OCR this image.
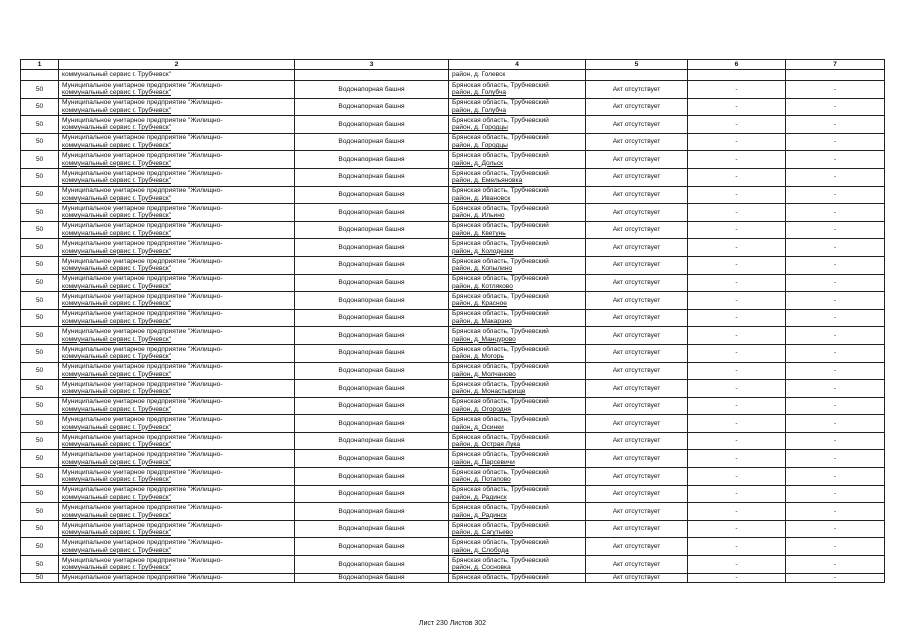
1	2	3	4	5	6	7
	коммунальный сервис г. Трубчевск"		район, д. Голевск			
50	Муниципальное унитарное предприятие "Жилищно-
коммунальный сервис г. Трубчевск"	Водонапорная башня	Брянская область, Трубчевский
район, д. Голубча	Акт отсутствует	-	-
50	Муниципальное унитарное предприятие "Жилищно-
коммунальный сервис г. Трубчевск"	Водонапорная башня	Брянская область, Трубчевский
район, д. Голубча	Акт отсутствует	-	-
50	Муниципальное унитарное предприятие "Жилищно-
коммунальный сервис г. Трубчевск"	Водонапорная башня	Брянская область, Трубчевский
район, д. Городцы	Акт отсутствует	-	-
50	Муниципальное унитарное предприятие "Жилищно-
коммунальный сервис г. Трубчевск"	Водонапорная башня	Брянская область, Трубчевский
район, д. Городцы	Акт отсутствует	-	-
50	Муниципальное унитарное предприятие "Жилищно-
коммунальный сервис г. Трубчевск"	Водонапорная башня	Брянская область, Трубчевский
район, д. Дольск	Акт отсутствует	-	-
50	Муниципальное унитарное предприятие "Жилищно-
коммунальный сервис г. Трубчевск"	Водонапорная башня	Брянская область, Трубчевский
район, д. Емельяновка	Акт отсутствует	-	-
50	Муниципальное унитарное предприятие "Жилищно-
коммунальный сервис г. Трубчевск"	Водонапорная башня	Брянская область, Трубчевский
район, д. Ивановск	Акт отсутствует	-	-
50	Муниципальное унитарное предприятие "Жилищно-
коммунальный сервис г. Трубчевск"	Водонапорная башня	Брянская область, Трубчевский
район, д. Ильино	Акт отсутствует	-	-
50	Муниципальное унитарное предприятие "Жилищно-
коммунальный сервис г. Трубчевск"	Водонапорная башня	Брянская область, Трубчевский
район, д. Кветунь	Акт отсутствует	-	-
50	Муниципальное унитарное предприятие "Жилищно-
коммунальный сервис г. Трубчевск"	Водонапорная башня	Брянская область, Трубчевский
район, д. Колодезки	Акт отсутствует	-	-
50	Муниципальное унитарное предприятие "Жилищно-
коммунальный сервис г. Трубчевск"	Водонапорная башня	Брянская область, Трубчевский
район, д. Копылино	Акт отсутствует	-	-
50	Муниципальное унитарное предприятие "Жилищно-
коммунальный сервис г. Трубчевск"	Водонапорная башня	Брянская область, Трубчевский
район, д. Котляково	Акт отсутствует	-	-
50	Муниципальное унитарное предприятие "Жилищно-
коммунальный сервис г. Трубчевск"	Водонапорная башня	Брянская область, Трубчевский
район, д. Красное	Акт отсутствует	-	-
50	Муниципальное унитарное предприятие "Жилищно-
коммунальный сервис г. Трубчевск"	Водонапорная башня	Брянская область, Трубчевский
район, д. Макарэно	Акт отсутствует	-	-
50	Муниципальное унитарное предприятие "Жилищно-
коммунальный сервис г. Трубчевск"	Водонапорная башня	Брянская область, Трубчевский
район, д. Манцурово	Акт отсутствует	-	-
50	Муниципальное унитарное предприятие "Жилищно-
коммунальный сервис г. Трубчевск"	Водонапорная башня	Брянская область, Трубчевский
район, д. Могорь	Акт отсутствует	-	-
50	Муниципальное унитарное предприятие "Жилищно-
коммунальный сервис г. Трубчевск"	Водонапорная башня	Брянская область, Трубчевский
район, д. Молчаново	Акт отсутствует	-	-
50	Муниципальное унитарное предприятие "Жилищно-
коммунальный сервис г. Трубчевск"	Водонапорная башня	Брянская область, Трубчевский
район, д. Монастырище	Акт отсутствует	-	-
50	Муниципальное унитарное предприятие "Жилищно-
коммунальный сервис г. Трубчевск"	Водонапорная башня	Брянская область, Трубчевский
район, д. Огородня	Акт отсутствует	-	-
50	Муниципальное унитарное предприятие "Жилищно-
коммунальный сервис г. Трубчевск"	Водонапорная башня	Брянская область, Трубчевский
район, д. Осинки	Акт отсутствует	-	-
50	Муниципальное унитарное предприятие "Жилищно-
коммунальный сервис г. Трубчевск"	Водонапорная башня	Брянская область, Трубчевский
район, д. Острая Лука	Акт отсутствует	-	-
50	Муниципальное унитарное предприятие "Жилищно-
коммунальный сервис г. Трубчевск"	Водонапорная башня	Брянская область, Трубчевский
район, д. Парсевичи	Акт отсутствует	-	-
50	Муниципальное унитарное предприятие "Жилищно-
коммунальный сервис г. Трубчевск"	Водонапорная башня	Брянская область, Трубчевский
район, д. Потапово	Акт отсутствует	-	-
50	Муниципальное унитарное предприятие "Жилищно-
коммунальный сервис г. Трубчевск"	Водонапорная башня	Брянская область, Трубчевский
район, д. Радинск	Акт отсутствует	-	-
50	Муниципальное унитарное предприятие "Жилищно-
коммунальный сервис г. Трубчевск"	Водонапорная башня	Брянская область, Трубчевский
район, д. Радинск	Акт отсутствует	-	-
50	Муниципальное унитарное предприятие "Жилищно-
коммунальный сервис г. Трубчевск"	Водонапорная башня	Брянская область, Трубчевский
район, д. Сагутьево	Акт отсутствует	-	-
50	Муниципальное унитарное предприятие "Жилищно-
коммунальный сервис г. Трубчевск"	Водонапорная башня	Брянская область, Трубчевский
район, д. Слобода	Акт отсутствует	-	-
50	Муниципальное унитарное предприятие "Жилищно-
коммунальный сервис г. Трубчевск"	Водонапорная башня	Брянская область, Трубчевский
район, д. Сосновка	Акт отсутствует	-	-
50	Муниципальное унитарное предприятие "Жилищно-	Водонапорная башня	Брянская область, Трубчевский	Акт отсутствует	-	-
Лист 230 Листов 302
